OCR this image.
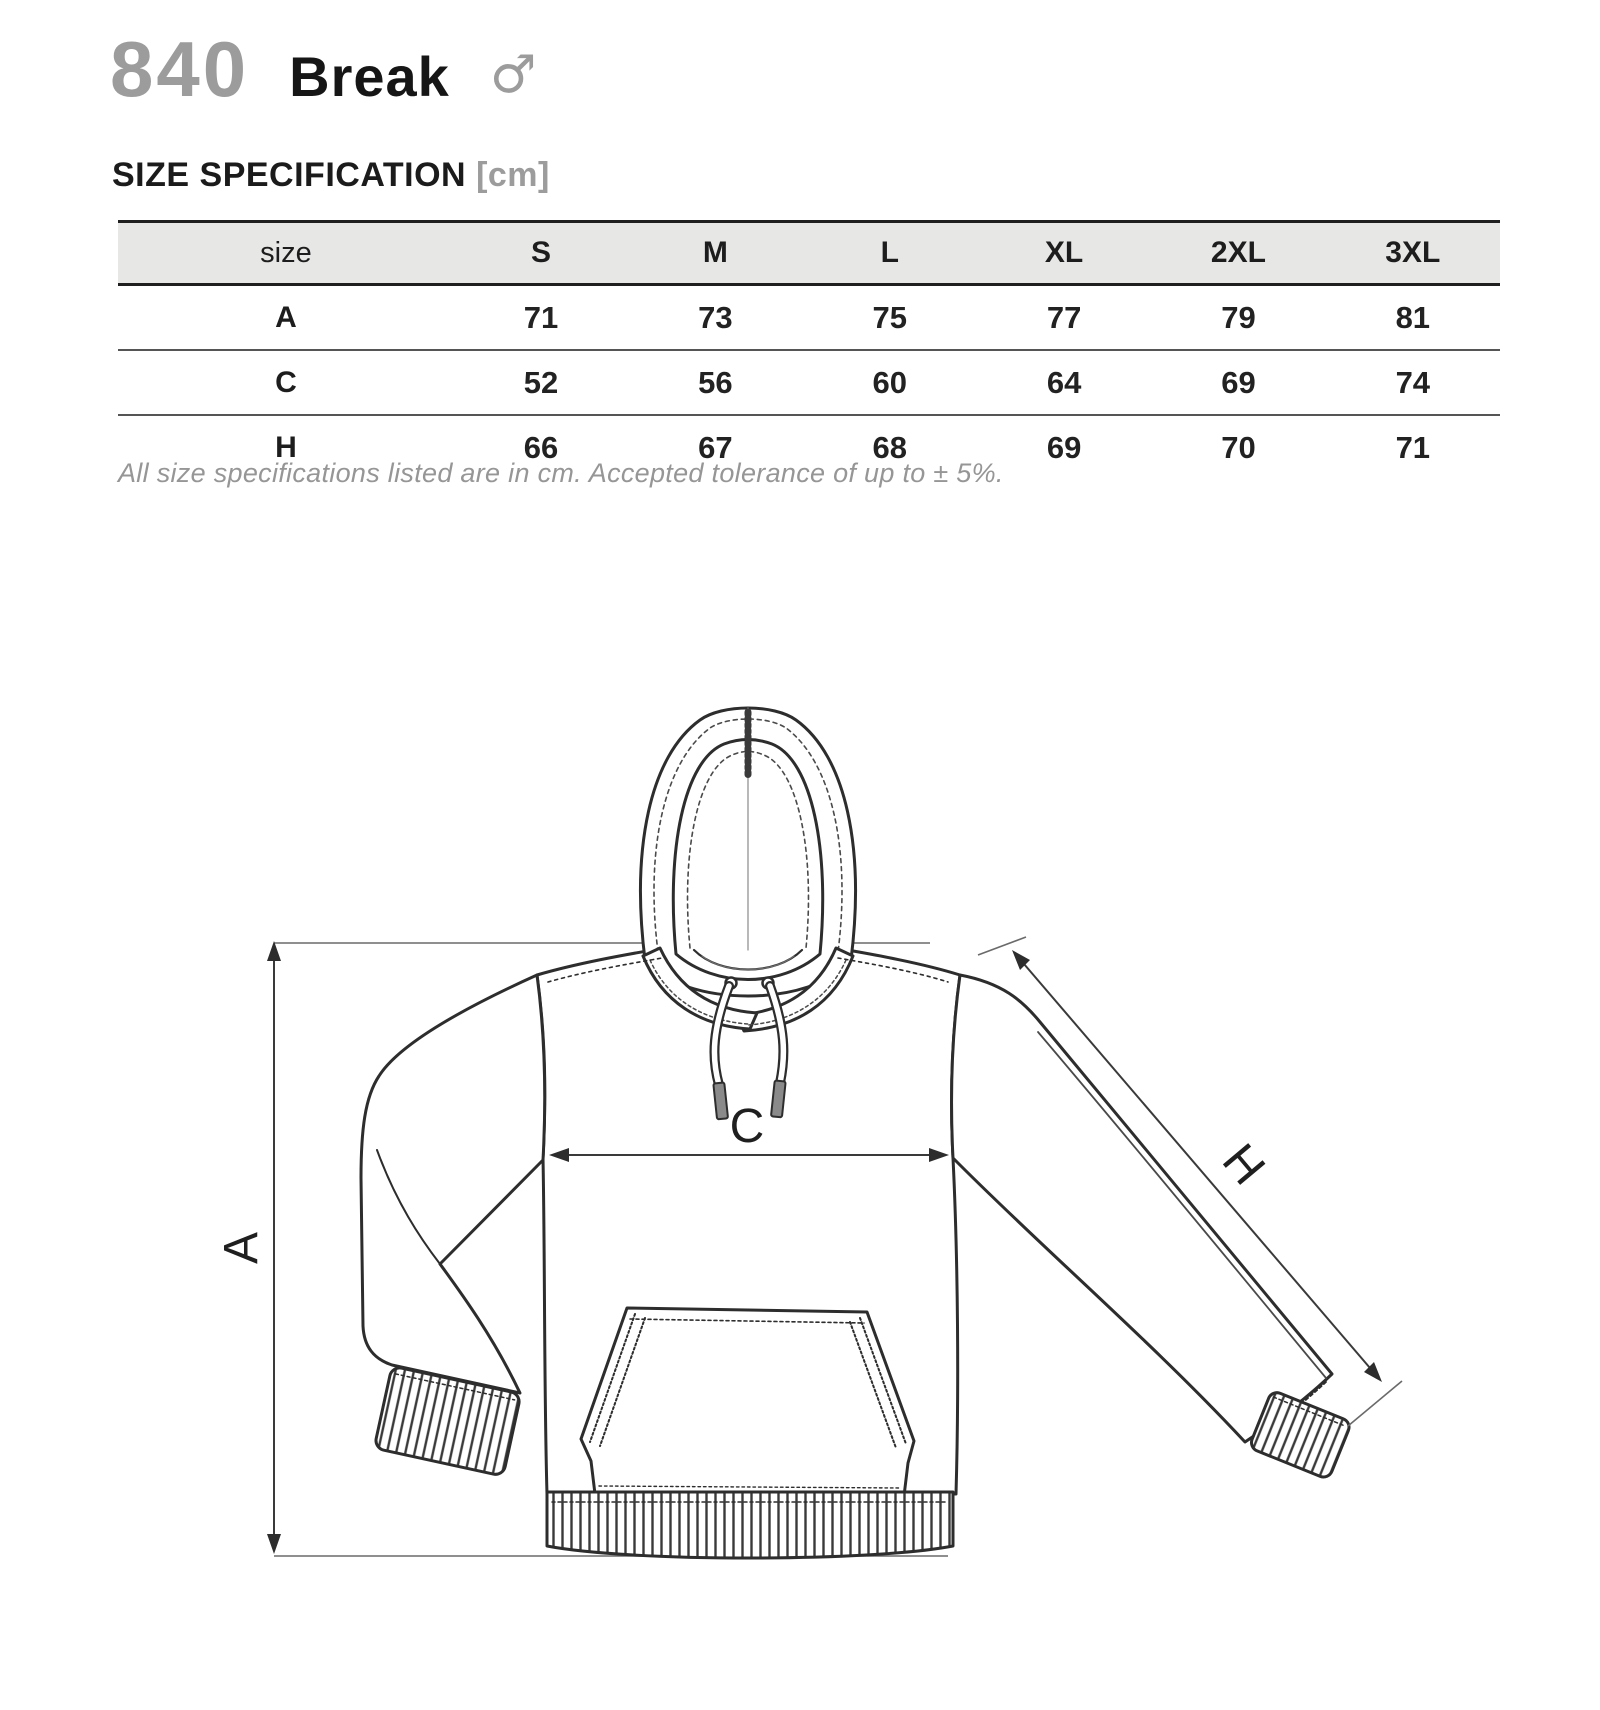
840 Break ♂
SIZE SPECIFICATION [cm]
size	S	M	L	XL	2XL	3XL
A	71	73	75	77	79	81
C	52	56	60	64	69	74
H	66	67	68	69	70	71
All size specifications listed are in cm. Accepted tolerance of up to ± 5%.
A
C
H
